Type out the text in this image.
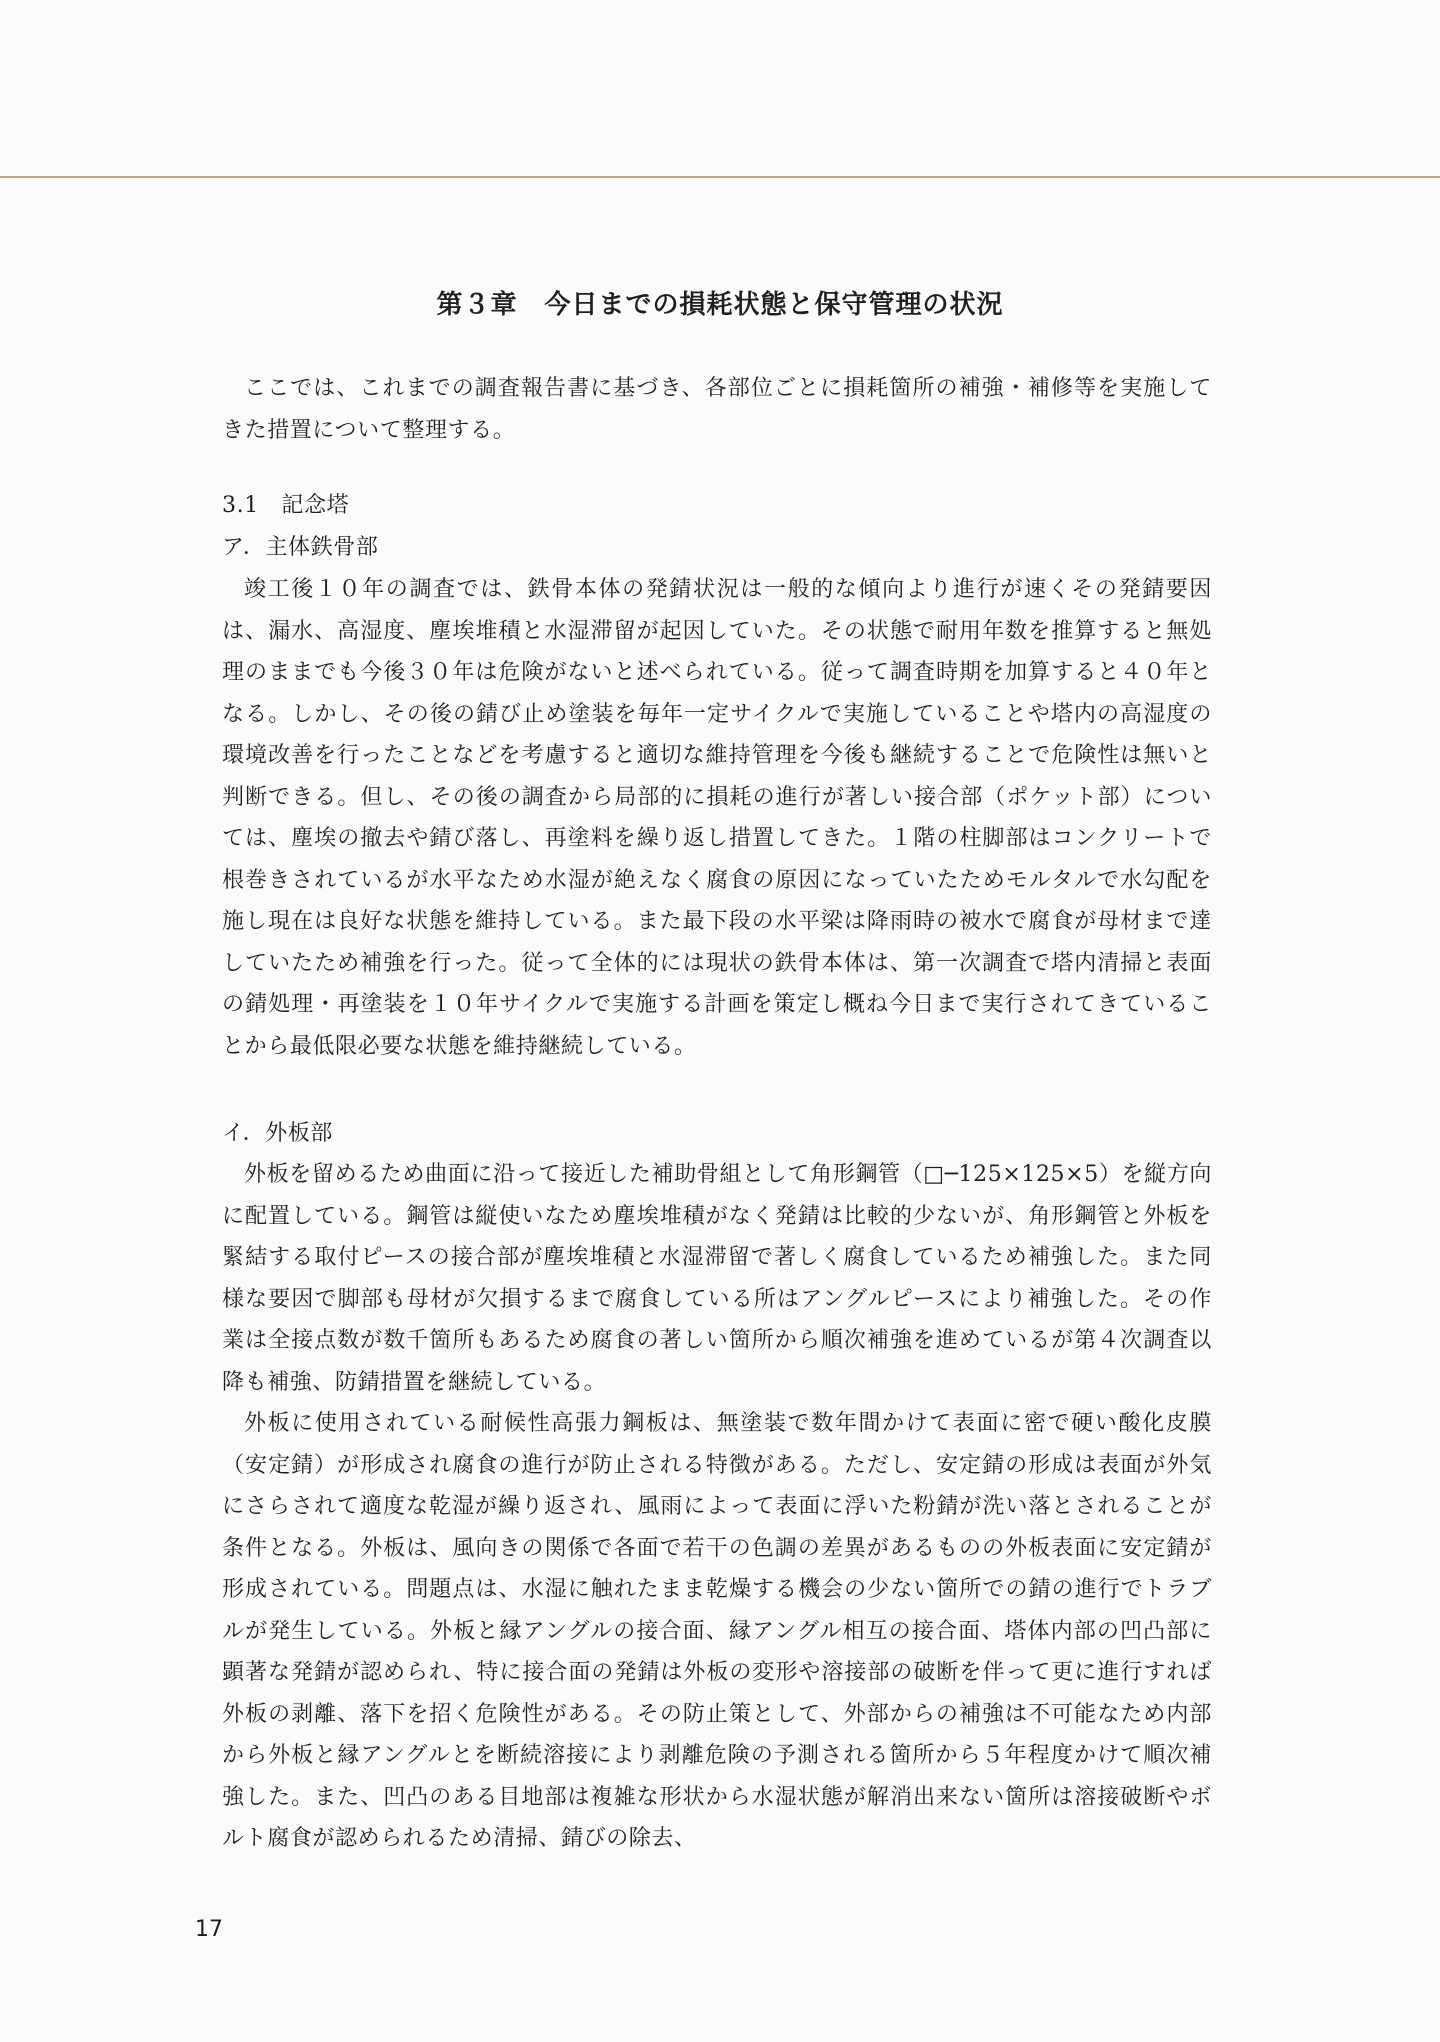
第３章　今日までの損耗状態と保守管理の状況

ここでは、これまでの調査報告書に基づき、各部位ごとに損耗箇所の補強・補修等を実施してきた措置について整理する。

3.1　記念塔
ア．主体鉄骨部

竣工後１０年の調査では、鉄骨本体の発錆状況は一般的な傾向より進行が速くその発錆要因は、漏水、高湿度、塵埃堆積と水湿滞留が起因していた。その状態で耐用年数を推算すると無処理のままでも今後３０年は危険がないと述べられている。従って調査時期を加算すると４０年となる。しかし、その後の錆び止め塗装を毎年一定サイクルで実施していることや塔内の高湿度の環境改善を行ったことなどを考慮すると適切な維持管理を今後も継続することで危険性は無いと判断できる。但し、その後の調査から局部的に損耗の進行が著しい接合部（ポケット部）については、塵埃の撤去や錆び落し、再塗料を繰り返し措置してきた。１階の柱脚部はコンクリートで根巻きされているが水平なため水湿が絶えなく腐食の原因になっていたためモルタルで水勾配を施し現在は良好な状態を維持している。また最下段の水平梁は降雨時の被水で腐食が母材まで達していたため補強を行った。従って全体的には現状の鉄骨本体は、第一次調査で塔内清掃と表面の錆処理・再塗装を１０年サイクルで実施する計画を策定し概ね今日まで実行されてきていることから最低限必要な状態を維持継続している。

イ．外板部

外板を留めるため曲面に沿って接近した補助骨組として角形鋼管（□─125×125×5）を縦方向に配置している。鋼管は縦使いなため塵埃堆積がなく発錆は比較的少ないが、角形鋼管と外板を緊結する取付ピースの接合部が塵埃堆積と水湿滞留で著しく腐食しているため補強した。また同様な要因で脚部も母材が欠損するまで腐食している所はアングルピースにより補強した。その作業は全接点数が数千箇所もあるため腐食の著しい箇所から順次補強を進めているが第４次調査以降も補強、防錆措置を継続している。

外板に使用されている耐候性高張力鋼板は、無塗装で数年間かけて表面に密で硬い酸化皮膜（安定錆）が形成され腐食の進行が防止される特徴がある。ただし、安定錆の形成は表面が外気にさらされて適度な乾湿が繰り返され、風雨によって表面に浮いた粉錆が洗い落とされることが条件となる。外板は、風向きの関係で各面で若干の色調の差異があるものの外板表面に安定錆が形成されている。問題点は、水湿に触れたまま乾燥する機会の少ない箇所での錆の進行でトラブルが発生している。外板と縁アングルの接合面、縁アングル相互の接合面、塔体内部の凹凸部に顕著な発錆が認められ、特に接合面の発錆は外板の変形や溶接部の破断を伴って更に進行すれば外板の剥離、落下を招く危険性がある。その防止策として、外部からの補強は不可能なため内部から外板と縁アングルとを断続溶接により剥離危険の予測される箇所から５年程度かけて順次補強した。また、凹凸のある目地部は複雑な形状から水湿状態が解消出来ない箇所は溶接破断やボルト腐食が認められるため清掃、錆びの除去、

17
